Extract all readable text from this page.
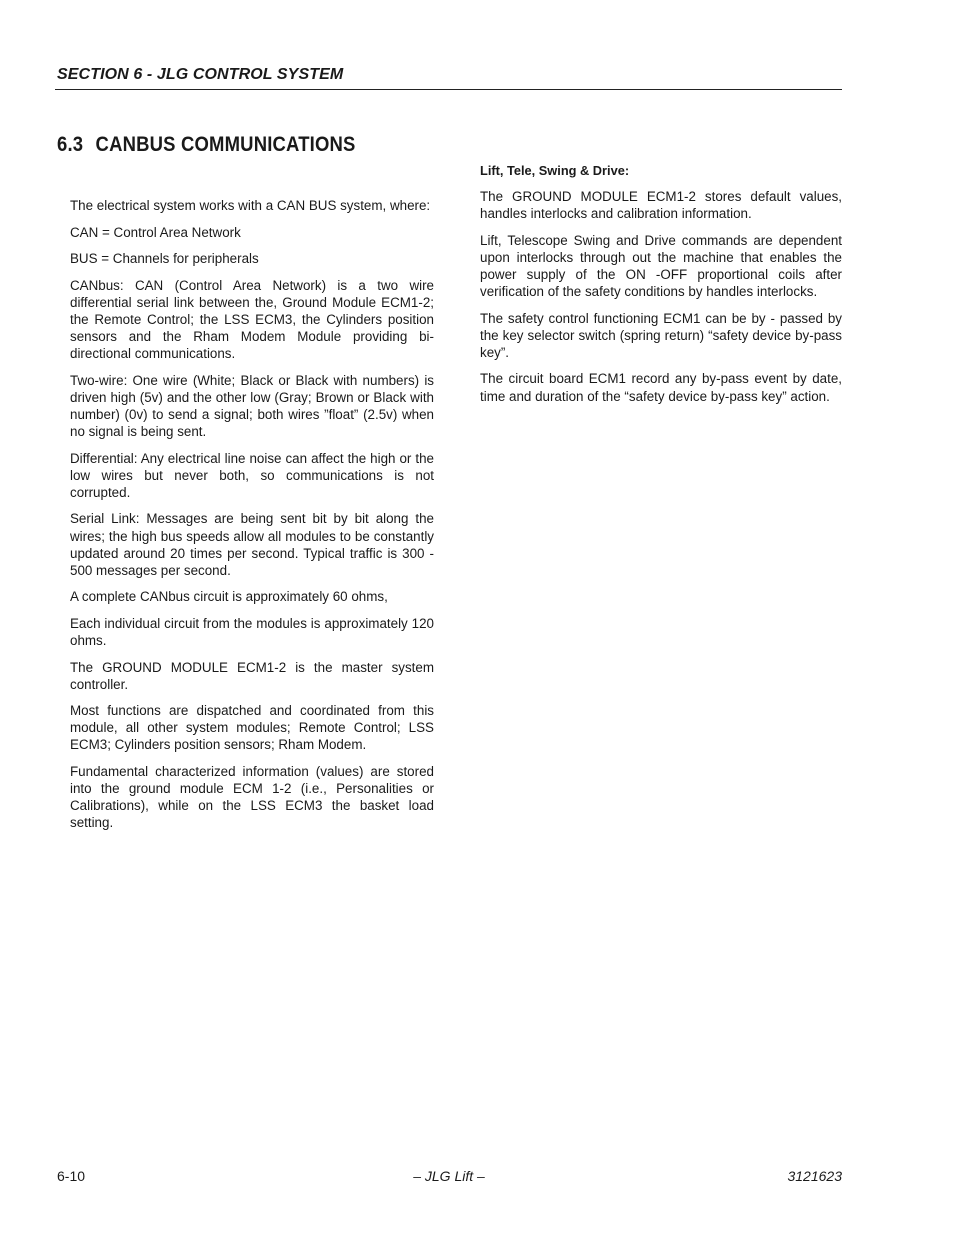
SECTION 6 - JLG CONTROL SYSTEM
6.3 CANBUS COMMUNICATIONS

The electrical system works with a CAN BUS system, where:

CAN = Control Area Network

BUS = Channels for peripherals

CANbus: CAN (Control Area Network) is a two wire differential serial link between the, Ground Module ECM1-2; the Remote Control; the LSS ECM3, the Cylinders position sensors and the Rham Modem Module providing bi-directional communications.

Two-wire: One wire (White; Black or Black with numbers) is driven high (5v) and the other low (Gray; Brown or Black with number) (0v) to send a signal; both wires ”float” (2.5v) when no signal is being sent.

Differential: Any electrical line noise can affect the high or the low wires but never both, so communications is not corrupted.

Serial Link: Messages are being sent bit by bit along the wires; the high bus speeds allow all modules to be constantly updated around 20 times per second. Typical traffic is 300 - 500 messages per second.

A complete CANbus circuit is approximately 60 ohms,

Each individual circuit from the modules is approximately 120 ohms.

The GROUND MODULE ECM1-2 is the master system controller.

Most functions are dispatched and coordinated from this module, all other system modules; Remote Control; LSS ECM3; Cylinders position sensors; Rham Modem.

Fundamental characterized information (values) are stored into the ground module ECM 1-2 (i.e., Personalities or Calibrations), while on the LSS ECM3 the basket load setting.

Lift, Tele, Swing & Drive:

The GROUND MODULE ECM1-2 stores default values, handles interlocks and calibration information.

Lift, Telescope Swing and Drive commands are dependent upon interlocks through out the machine that enables the power supply of the ON -OFF proportional coils after verification of the safety conditions by handles interlocks.

The safety control functioning ECM1 can be by - passed by the key selector switch (spring return) “safety device by-pass key”.

The circuit board ECM1 record any by-pass event by date, time and duration of the “safety device by-pass key” action.

6-10	– JLG Lift –	3121623
